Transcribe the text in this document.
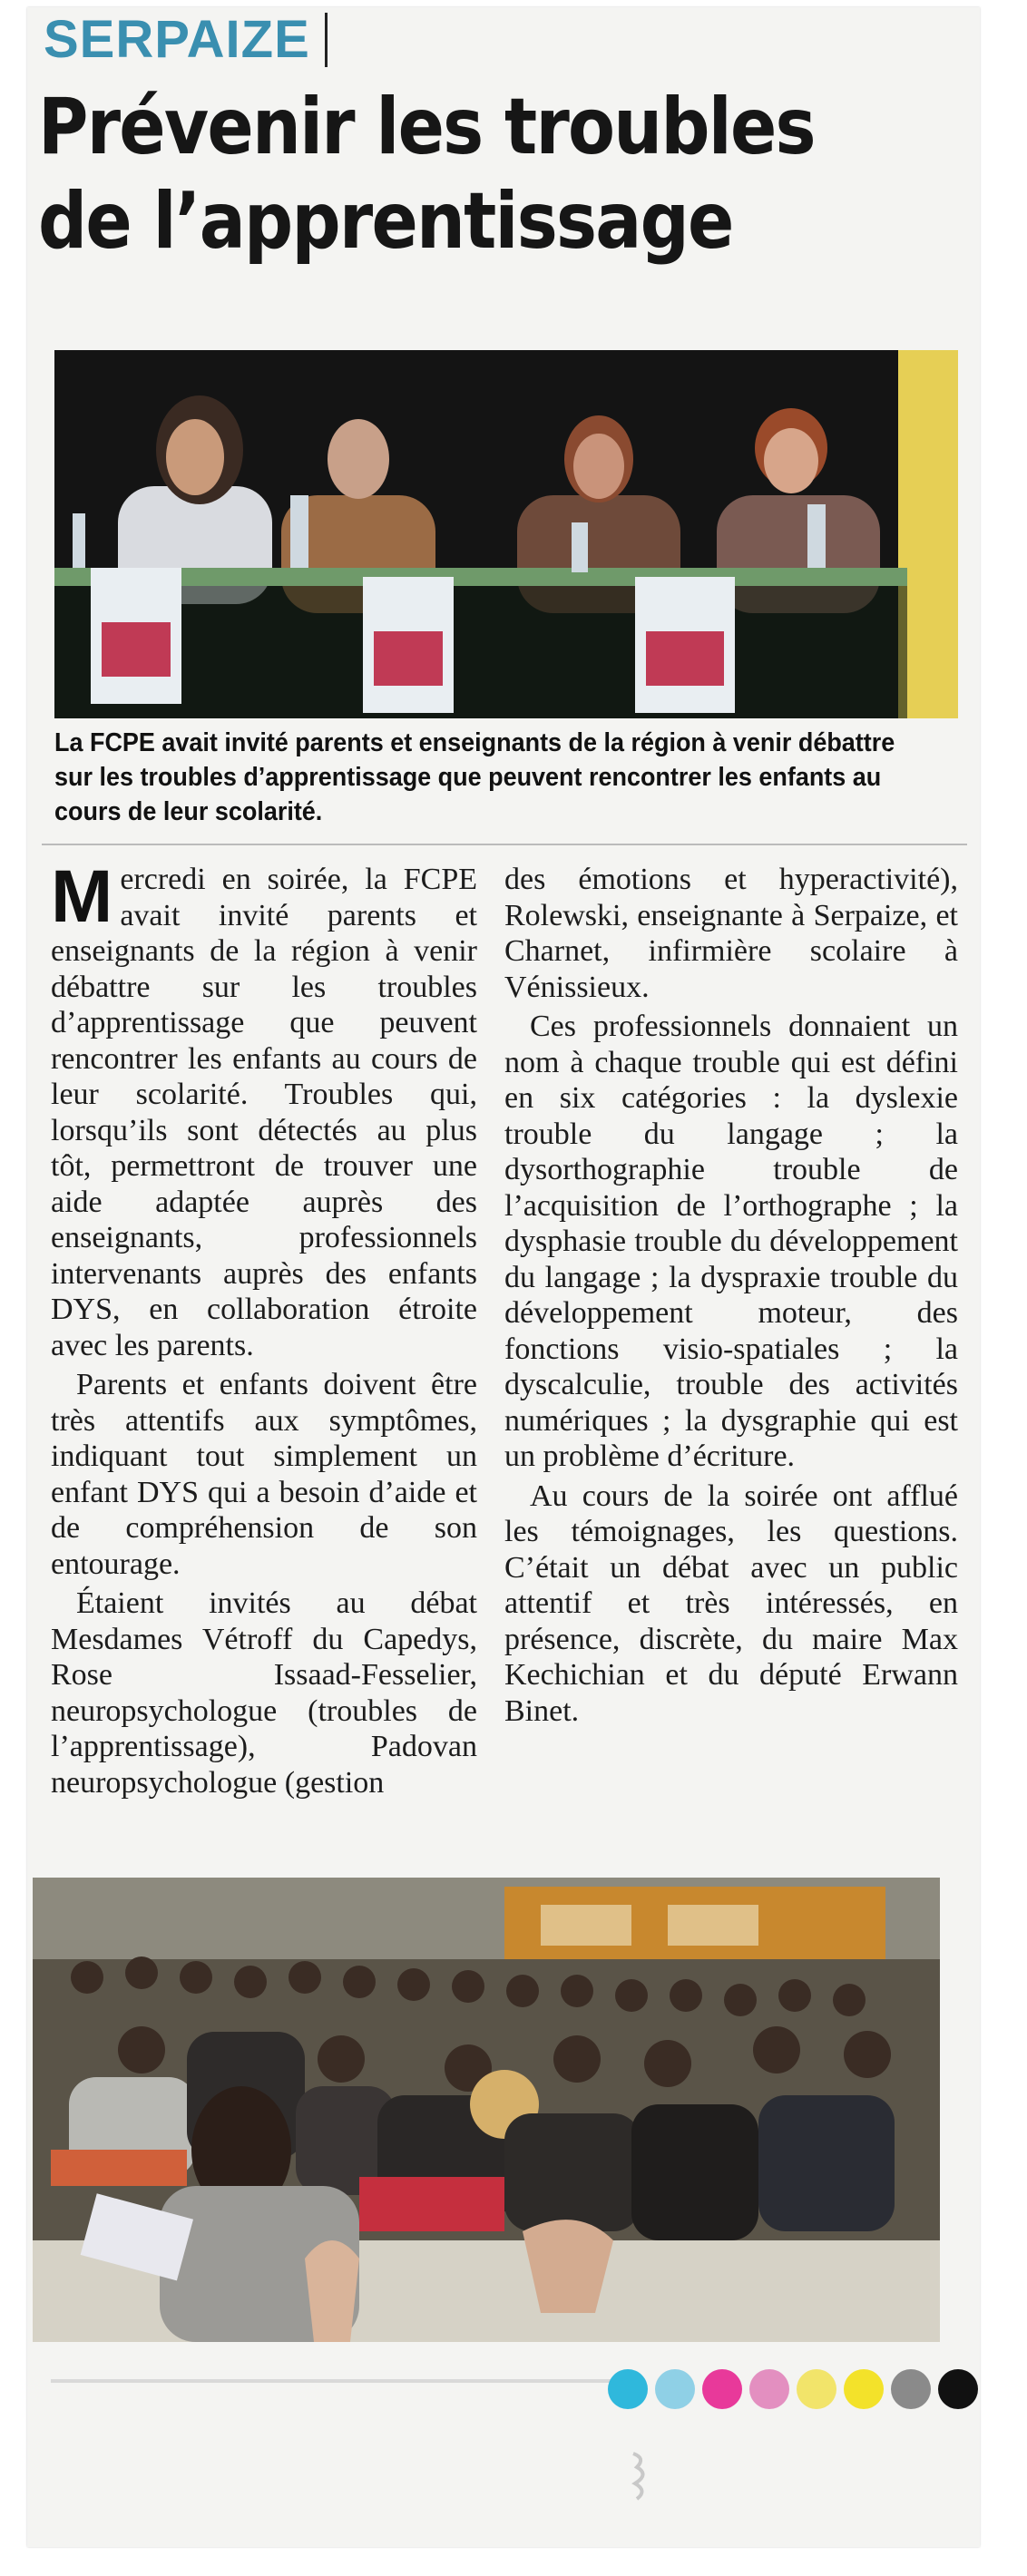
SERPAIZE
Prévenir les troubles de l’apprentissage

La FCPE avait invité parents et enseignants de la région à venir débattre sur les troubles d’apprentissage que peuvent rencontrer les enfants au cours de leur scolarité.

M ercredi en soirée, la FCPE avait invité parents et enseignants de la région à venir débattre sur les troubles d’apprentissage que peuvent rencontrer les enfants au cours de leur scolarité. Troubles qui, lorsqu’ils sont détectés au plus tôt, permettront de trouver une aide adaptée auprès des enseignants, professionnels intervenants auprès des enfants DYS, en collaboration étroite avec les parents.

Parents et enfants doivent être très attentifs aux symptômes, indiquant tout simplement un enfant DYS qui a besoin d’aide et de compréhension de son entourage.

Étaient invités au débat Mesdames Vétroff du Capedys, Rose Issaad-Fesselier, neuropsychologue (troubles de l’apprentissage), Padovan neuropsychologue (gestion

des émotions et hyperactivité), Rolewski, enseignante à Serpaize, et Charnet, infirmière scolaire à Vénissieux.

Ces professionnels donnaient un nom à chaque trouble qui est défini en six catégories : la dyslexie trouble du langage ; la dysorthographie trouble de l’acquisition de l’orthographe ; la dysphasie trouble du développement du langage ; la dyspraxie trouble du développement moteur, des fonctions visio-spatiales ; la dyscalculie, trouble des activités numériques ; la dysgraphie qui est un problème d’écriture.

Au cours de la soirée ont afflué les témoignages, les questions. C’était un débat avec un public attentif et très intéressés, en présence, discrète, du maire Max Kechichian et du député Erwann Binet.
